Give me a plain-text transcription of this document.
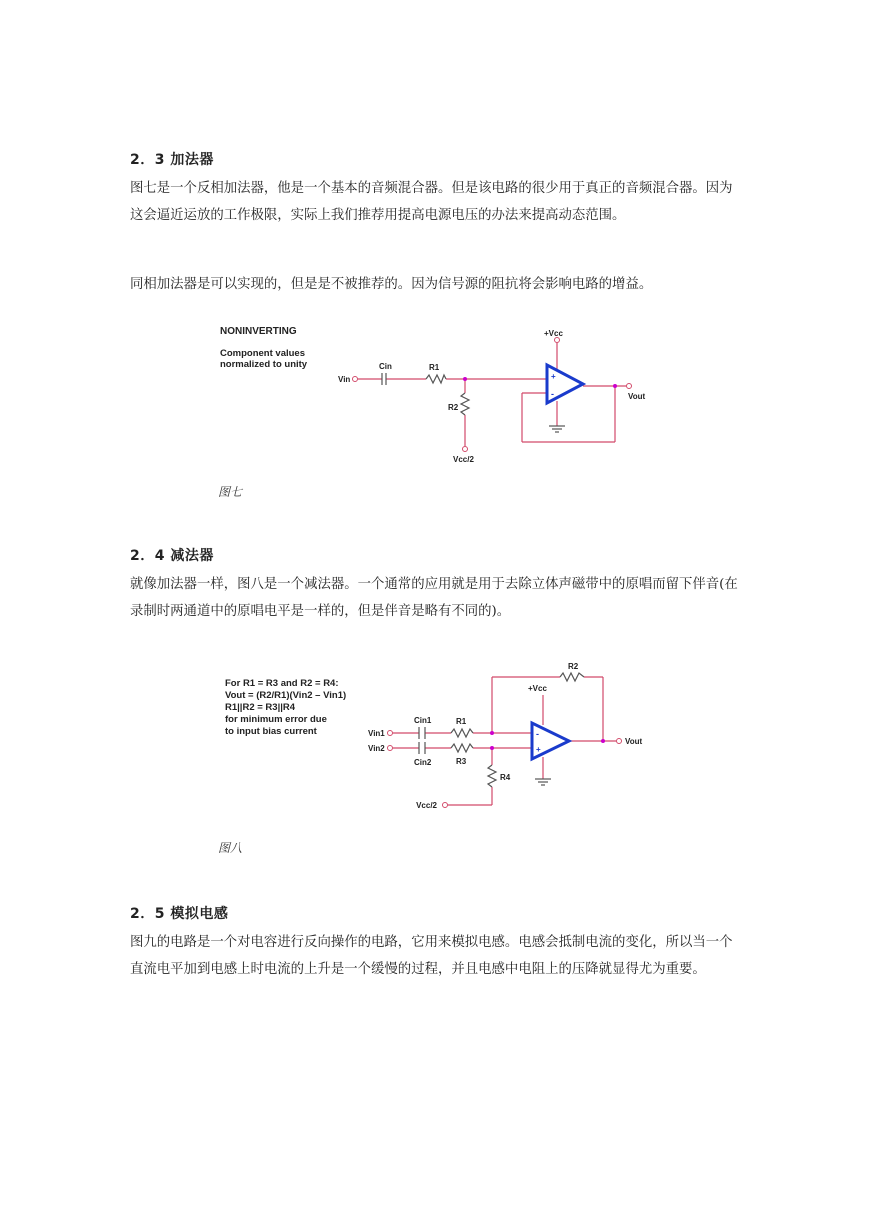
2．3 加法器

图七是一个反相加法器，他是一个基本的音频混合器。但是该电路的很少用于真正的音频混合器。因为这会逼近运放的工作极限，实际上我们推荐用提高电源电压的办法来提高动态范围。

同相加法器是可以实现的，但是是不被推荐的。因为信号源的阻抗将会影响电路的增益。

NONINVERTING
Component values
normalized to unity
+
-
Vin
Cin	R1
R2
+Vcc
Vcc/2
Vout
图七
2．4 减法器

就像加法器一样，图八是一个减法器。一个通常的应用就是用于去除立体声磁带中的原唱而留下伴音(在录制时两通道中的原唱电平是一样的，但是伴音是略有不同的)。

For R1 = R3 and R2 = R4:
Vout = (R2/R1)(Vin2 – Vin1)
R1||R2 = R3||R4
for minimum error due
to input bias current	-
+
Vin1
Vin2
Cin1
Cin2
R1
R3
R2
R4
+Vcc
Vcc/2
Vout
图八
2．5 模拟电感

图九的电路是一个对电容进行反向操作的电路，它用来模拟电感。电感会抵制电流的变化，所以当一个直流电平加到电感上时电流的上升是一个缓慢的过程，并且电感中电阻上的压降就显得尤为重要。
